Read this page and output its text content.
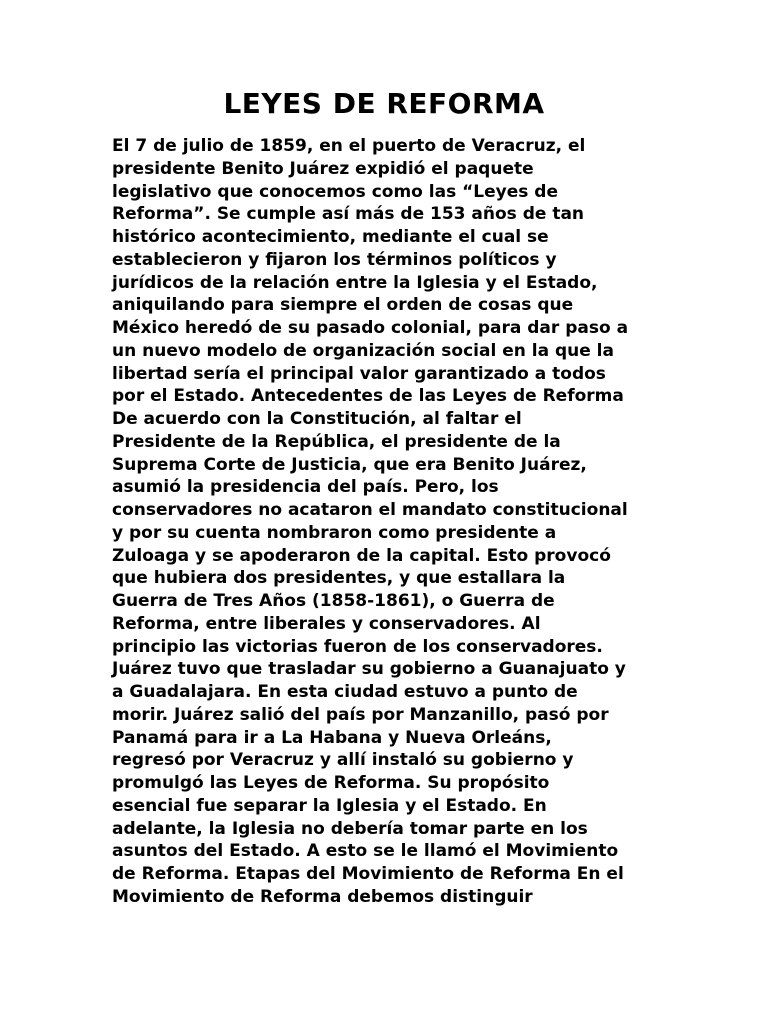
LEYES DE REFORMA
El 7 de julio de 1859, en el puerto de Veracruz, el
presidente Benito Juárez expidió el paquete
legislativo que conocemos como las “Leyes de
Reforma”. Se cumple así más de 153 años de tan
histórico acontecimiento, mediante el cual se
establecieron y fijaron los términos políticos y
jurídicos de la relación entre la Iglesia y el Estado,
aniquilando para siempre el orden de cosas que
México heredó de su pasado colonial, para dar paso a
un nuevo modelo de organización social en la que la
libertad sería el principal valor garantizado a todos
por el Estado. Antecedentes de las Leyes de Reforma
De acuerdo con la Constitución, al faltar el
Presidente de la República, el presidente de la
Suprema Corte de Justicia, que era Benito Juárez,
asumió la presidencia del país. Pero, los
conservadores no acataron el mandato constitucional
y por su cuenta nombraron como presidente a
Zuloaga y se apoderaron de la capital. Esto provocó
que hubiera dos presidentes, y que estallara la
Guerra de Tres Años (1858-1861), o Guerra de
Reforma, entre liberales y conservadores. Al
principio las victorias fueron de los conservadores.
Juárez tuvo que trasladar su gobierno a Guanajuato y
a Guadalajara. En esta ciudad estuvo a punto de
morir. Juárez salió del país por Manzanillo, pasó por
Panamá para ir a La Habana y Nueva Orleáns,
regresó por Veracruz y allí instaló su gobierno y
promulgó las Leyes de Reforma. Su propósito
esencial fue separar la Iglesia y el Estado. En
adelante, la Iglesia no debería tomar parte en los
asuntos del Estado. A esto se le llamó el Movimiento
de Reforma. Etapas del Movimiento de Reforma En el
Movimiento de Reforma debemos distinguir
